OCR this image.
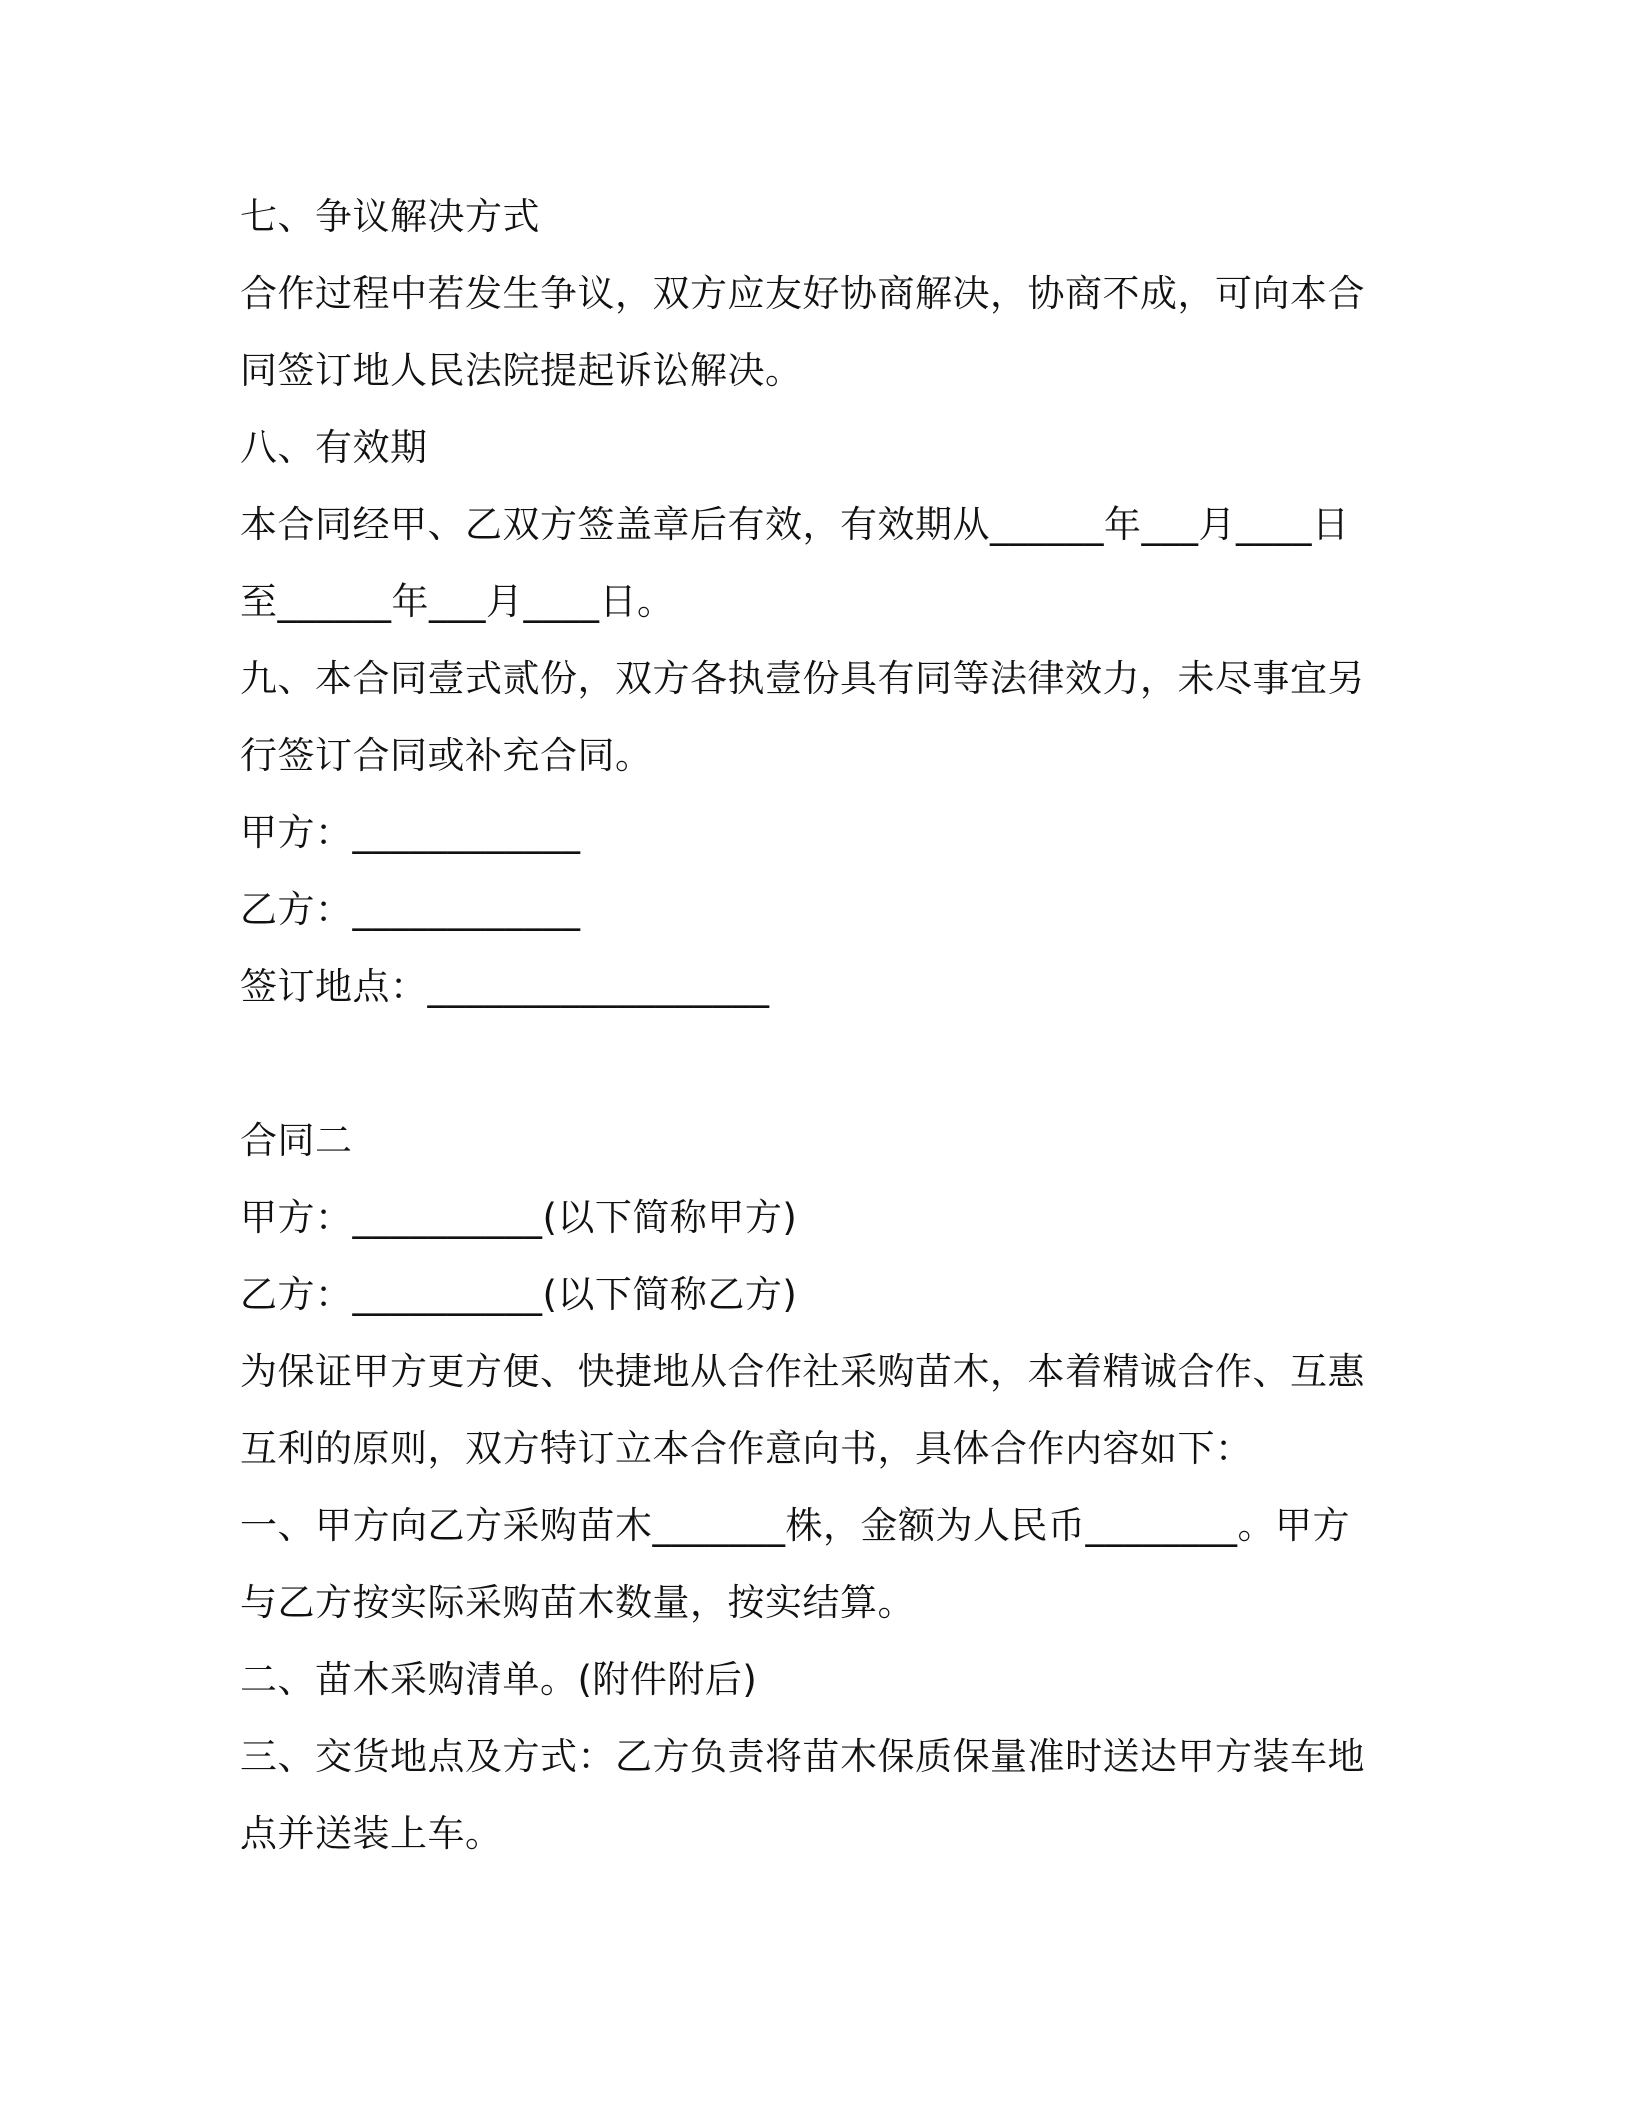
七、争议解决方式

合作过程中若发生争议，双方应友好协商解决，协商不成，可向本合

同签订地人民法院提起诉讼解决。

八、有效期

本合同经甲、乙双方签盖章后有效，有效期从______年___月____日

至______年___月____日。

九、本合同壹式贰份，双方各执壹份具有同等法律效力，未尽事宜另

行签订合同或补充合同。

甲方：____________

乙方：____________

签订地点：__________________

合同二

甲方：__________(以下简称甲方)

乙方：__________(以下简称乙方)

为保证甲方更方便、快捷地从合作社采购苗木，本着精诚合作、互惠

互利的原则，双方特订立本合作意向书，具体合作内容如下：

一、甲方向乙方采购苗木_______株，金额为人民币________。甲方

与乙方按实际采购苗木数量，按实结算。

二、苗木采购清单。(附件附后)

三、交货地点及方式：乙方负责将苗木保质保量准时送达甲方装车地

点并送装上车。
